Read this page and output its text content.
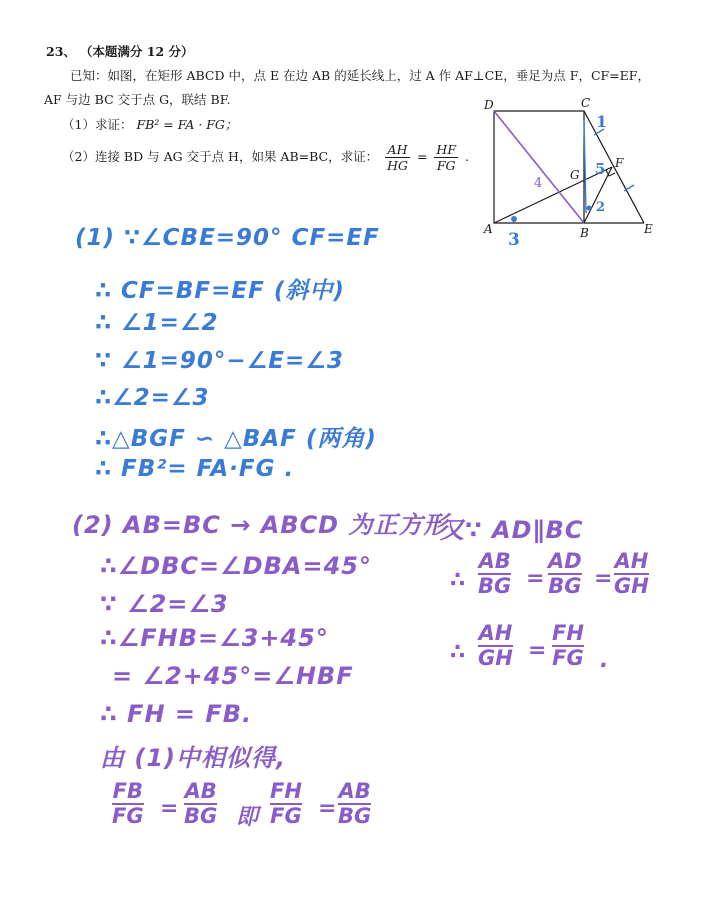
23、 （本题满分 12 分）
已知：如图，在矩形 ABCD 中，点 E 在边 AB 的延长线上，过 A 作 AF⊥CE，垂足为点 F，CF=EF，
AF 与边 BC 交于点 G，联结 BF.
（1）求证： FB² = FA · FG；
（2）连接 BD 与 AG 交于点 H，如果 AB=BC，求证： $\frac{AH}{HG} = \frac{HF}{FG}$ .
D	C
F
G
A	B	E
4
1
2
3
5
(1) ∵∠CBE=90° CF=EF
∴ CF=BF=EF (斜中)
∴ ∠1=∠2
∵ ∠1=90°−∠E=∠3
∴∠2=∠3
∴△BGF ∽ △BAF (两角)
∴ FB²= FA·FG .
(2) AB=BC → ABCD 为正方形
∴∠DBC=∠DBA=45°
∵ ∠2=∠3
∴∠FHB=∠3+45°
= ∠2+45°=∠HBF
∴ FH = FB.
由 (1)中相似得,
FB
FG =
AB
BG 即
FH
FG =
AB
BG
又∵ AD∥BC
∴
AB
BG =
AD
BG =
AH
GH
∴
AH
GH =
FH
FG .
